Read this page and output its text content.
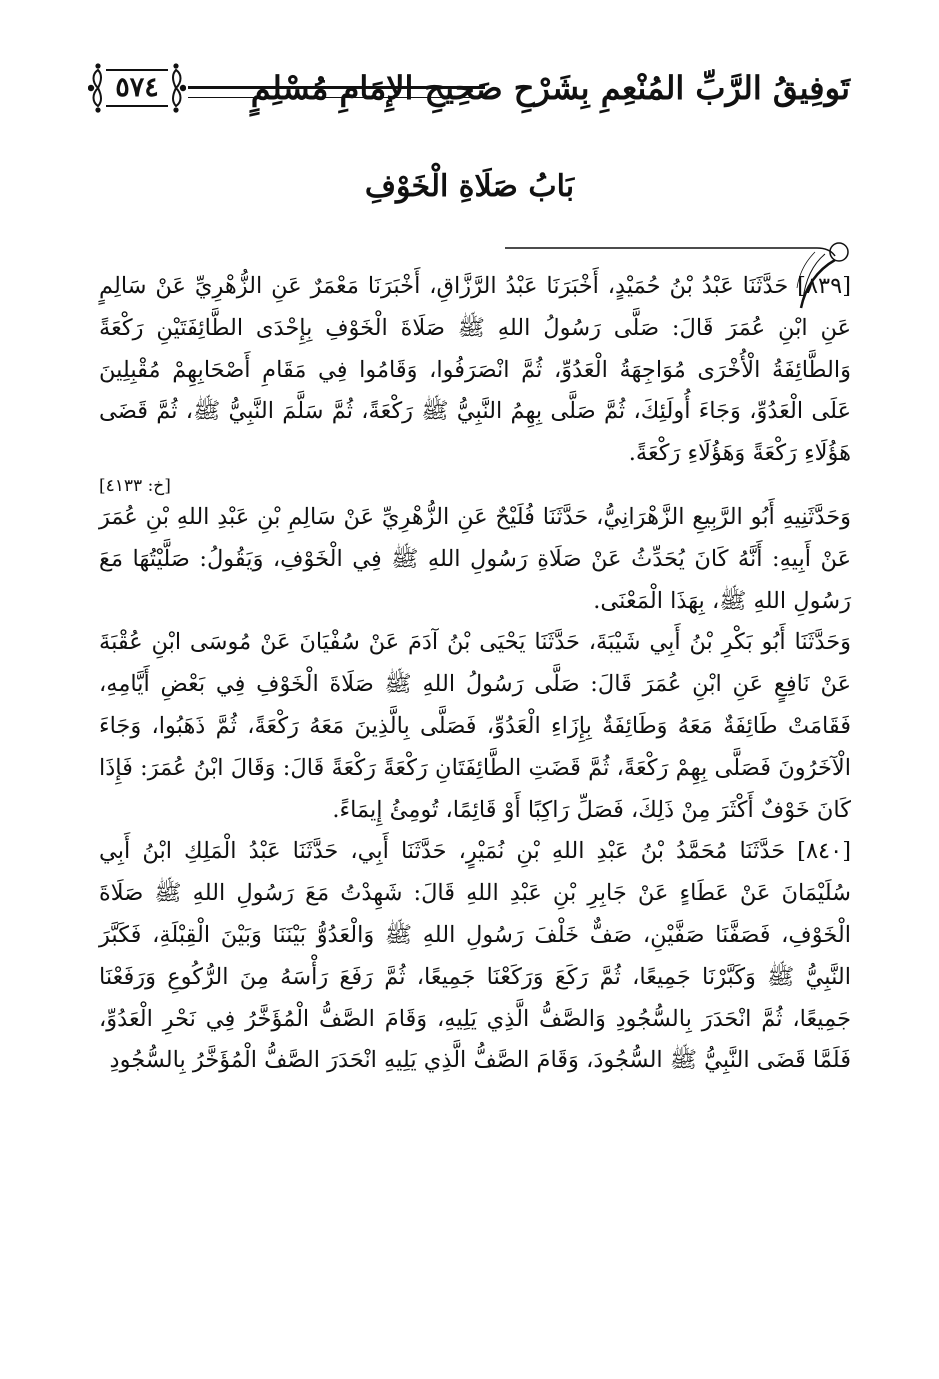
تَوفِيقُ الرَّبِّ المُنْعِمِ بِشَرْحِ صَحِيحِ الإِمَامِ مُسْلِمٍ
٥٧٤
بَابُ صَلَاةِ الْخَوْفِ

[٨٣٩] حَدَّثَنَا عَبْدُ بْنُ حُمَيْدٍ، أَخْبَرَنَا عَبْدُ الرَّزَّاقِ، أَخْبَرَنَا مَعْمَرٌ عَنِ الزُّهْرِيِّ عَنْ سَالِمٍ عَنِ ابْنِ عُمَرَ قَالَ: صَلَّى رَسُولُ اللهِ ﷺ صَلَاةَ الْخَوْفِ بِإِحْدَى الطَّائِفَتَيْنِ رَكْعَةً وَالطَّائِفَةُ الْأُخْرَى مُوَاجِهَةُ الْعَدُوِّ، ثُمَّ انْصَرَفُوا، وَقَامُوا فِي مَقَامِ أَصْحَابِهِمْ مُقْبِلِينَ عَلَى الْعَدُوِّ، وَجَاءَ أُولَئِكَ، ثُمَّ صَلَّى بِهِمُ النَّبِيُّ ﷺ رَكْعَةً، ثُمَّ سَلَّمَ النَّبِيُّ ﷺ، ثُمَّ قَضَى هَؤُلَاءِ رَكْعَةً وَهَؤُلَاءِ رَكْعَةً.

[خ: ٤١٣٣]

وَحَدَّثَنِيهِ أَبُو الرَّبِيعِ الزَّهْرَانِيُّ، حَدَّثَنَا فُلَيْحٌ عَنِ الزُّهْرِيِّ عَنْ سَالِمِ بْنِ عَبْدِ اللهِ بْنِ عُمَرَ عَنْ أَبِيهِ: أَنَّهُ كَانَ يُحَدِّثُ عَنْ صَلَاةِ رَسُولِ اللهِ ﷺ فِي الْخَوْفِ، وَيَقُولُ: صَلَّيْتُهَا مَعَ رَسُولِ اللهِ ﷺ، بِهَذَا الْمَعْنَى.

وَحَدَّثَنَا أَبُو بَكْرِ بْنُ أَبِي شَيْبَةَ، حَدَّثَنَا يَحْيَى بْنُ آدَمَ عَنْ سُفْيَانَ عَنْ مُوسَى ابْنِ عُقْبَةَ عَنْ نَافِعٍ عَنِ ابْنِ عُمَرَ قَالَ: صَلَّى رَسُولُ اللهِ ﷺ صَلَاةَ الْخَوْفِ فِي بَعْضِ أَيَّامِهِ، فَقَامَتْ طَائِفَةٌ مَعَهُ وَطَائِفَةٌ بِإِزَاءِ الْعَدُوِّ، فَصَلَّى بِالَّذِينَ مَعَهُ رَكْعَةً، ثُمَّ ذَهَبُوا، وَجَاءَ الْآخَرُونَ فَصَلَّى بِهِمْ رَكْعَةً، ثُمَّ قَضَتِ الطَّائِفَتَانِ رَكْعَةً رَكْعَةً قَالَ: وَقَالَ ابْنُ عُمَرَ: فَإِذَا كَانَ خَوْفٌ أَكْثَرَ مِنْ ذَلِكَ، فَصَلِّ رَاكِبًا أَوْ قَائِمًا، تُومِئُ إِيمَاءً.

[٨٤٠] حَدَّثَنَا مُحَمَّدُ بْنُ عَبْدِ اللهِ بْنِ نُمَيْرٍ، حَدَّثَنَا أَبِي، حَدَّثَنَا عَبْدُ الْمَلِكِ ابْنُ أَبِي سُلَيْمَانَ عَنْ عَطَاءٍ عَنْ جَابِرِ بْنِ عَبْدِ اللهِ قَالَ: شَهِدْتُ مَعَ رَسُولِ اللهِ ﷺ صَلَاةَ الْخَوْفِ، فَصَفَّنَا صَفَّيْنِ، صَفٌّ خَلْفَ رَسُولِ اللهِ ﷺ وَالْعَدُوُّ بَيْنَنَا وَبَيْنَ الْقِبْلَةِ، فَكَبَّرَ النَّبِيُّ ﷺ وَكَبَّرْنَا جَمِيعًا، ثُمَّ رَكَعَ وَرَكَعْنَا جَمِيعًا، ثُمَّ رَفَعَ رَأْسَهُ مِنَ الرُّكُوعِ وَرَفَعْنَا جَمِيعًا، ثُمَّ انْحَدَرَ بِالسُّجُودِ وَالصَّفُّ الَّذِي يَلِيهِ، وَقَامَ الصَّفُّ الْمُؤَخَّرُ فِي نَحْرِ الْعَدُوِّ، فَلَمَّا قَضَى النَّبِيُّ ﷺ السُّجُودَ، وَقَامَ الصَّفُّ الَّذِي يَلِيهِ انْحَدَرَ الصَّفُّ الْمُؤَخَّرُ بِالسُّجُودِ
